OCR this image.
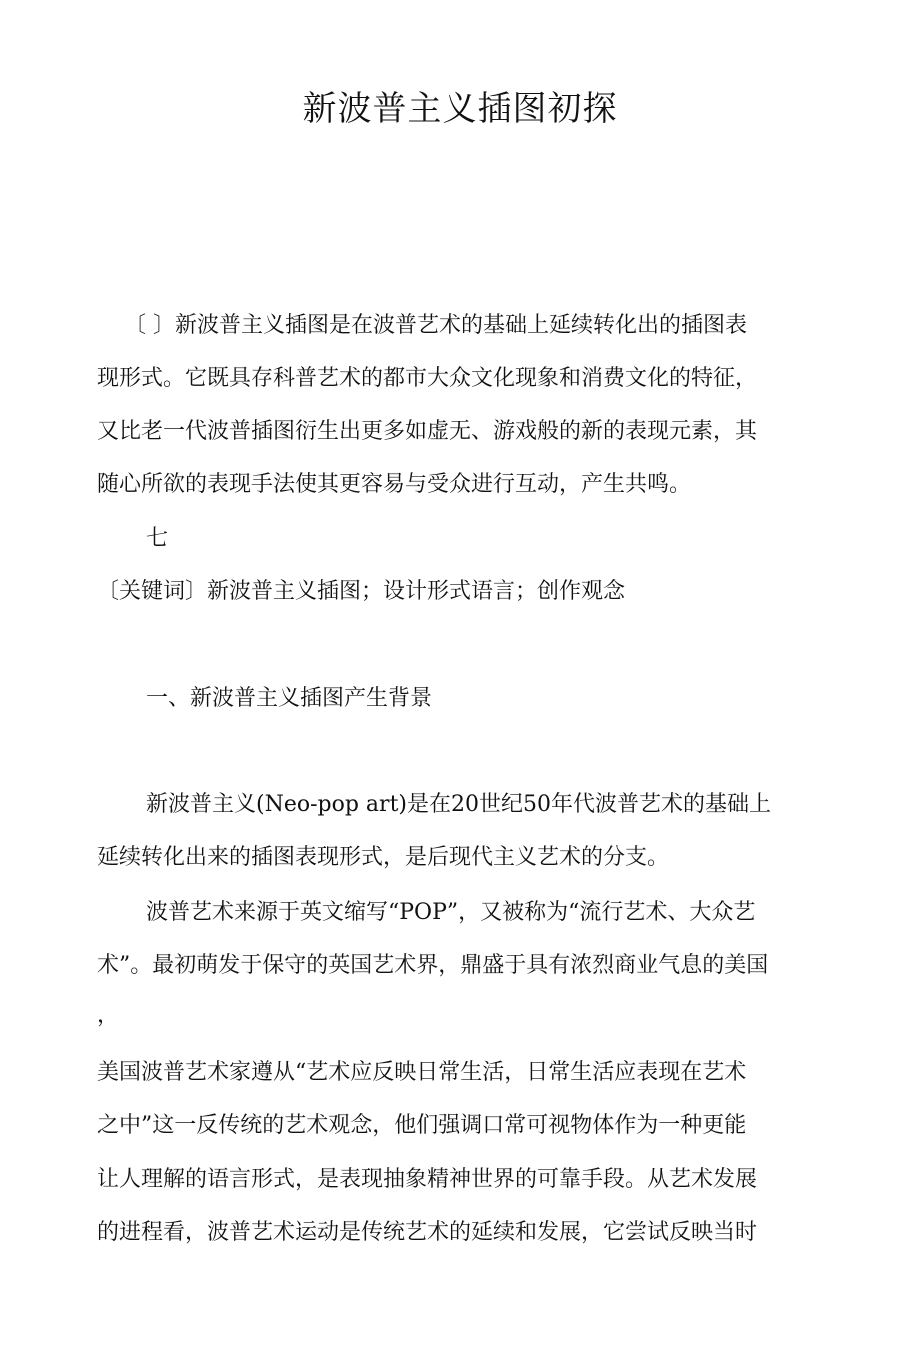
新波普主义插图初探
〔 〕新波普主义插图是在波普艺术的基础上延续转化出的插图表
现形式。它既具存科普艺术的都市大众文化现象和消费文化的特征，
又比老一代波普插图衍生出更多如虚无、游戏般的新的表现元素，其
随心所欲的表现手法使其更容易与受众进行互动，产生共鸣。
七
〔关键词〕新波普主义插图；设计形式语言；创作观念
一、新波普主义插图产生背景
新波普主义(Neo-pop art)是在20世纪50年代波普艺术的基础上
延续转化出来的插图表现形式，是后现代主义艺术的分支。
波普艺术来源于英文缩写“POP”，又被称为“流行艺术、大众艺
术”。最初萌发于保守的英国艺术界，鼎盛于具有浓烈商业气息的美国
，
美国波普艺术家遵从“艺术应反映日常生活，日常生活应表现在艺术
之中”这一反传统的艺术观念，他们强调口常可视物体作为一种更能
让人理解的语言形式，是表现抽象精神世界的可靠手段。从艺术发展
的进程看，波普艺术运动是传统艺术的延续和发展，它尝试反映当时
